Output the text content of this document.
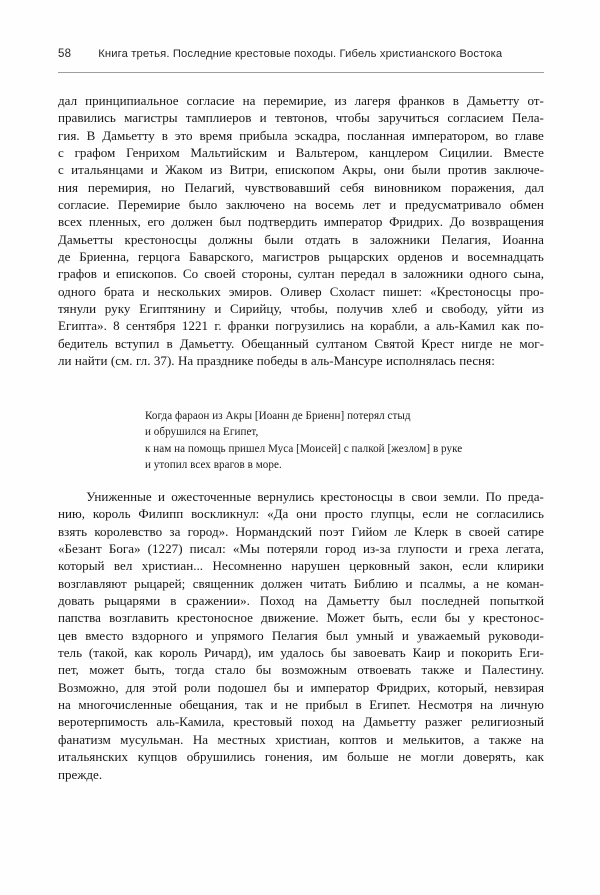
58 Книга третья. Последние крестовые походы. Гибель христианского Востока

дал принципиальное согласие на перемирие, из лагеря франков в Дамьетту от-
правились магистры тамплиеров и тевтонов, чтобы заручиться согласием Пела-
гия. В Дамьетту в это время прибыла эскадра, посланная императором, во главе
с графом Генрихом Мальтийским и Вальтером, канцлером Сицилии. Вместе
с итальянцами и Жаком из Витри, епископом Акры, они были против заключе-
ния перемирия, но Пелагий, чувствовавший себя виновником поражения, дал
согласие. Перемирие было заключено на восемь лет и предусматривало обмен
всех пленных, его должен был подтвердить император Фридрих. До возвращения
Дамьетты крестоносцы должны были отдать в заложники Пелагия, Иоанна
де Бриенна, герцога Баварского, магистров рыцарских орденов и восемнадцать
графов и епископов. Со своей стороны, султан передал в заложники одного сына,
одного брата и нескольких эмиров. Оливер Схоласт пишет: «Крестоносцы про-
тянули руку Египтянину и Сирийцу, чтобы, получив хлеб и свободу, уйти из
Египта». 8 сентября 1221 г. франки погрузились на корабли, а аль-Камил как по-
бедитель вступил в Дамьетту. Обещанный султаном Святой Крест нигде не мог-
ли найти (см. гл. 37). На празднике победы в аль-Мансуре исполнялась песня:

Когда фараон из Акры [Иоанн де Бриенн] потерял стыд
и обрушился на Египет,
к нам на помощь пришел Муса [Моисей] с палкой [жезлом] в руке
и утопил всех врагов в море.

Униженные и ожесточенные вернулись крестоносцы в свои земли. По преда-
нию, король Филипп воскликнул: «Да они просто глупцы, если не согласились
взять королевство за город». Нормандский поэт Гийом ле Клерк в своей сатире
«Безант Бога» (1227) писал: «Мы потеряли город из-за глупости и греха легата,
который вел христиан... Несомненно нарушен церковный закон, если клирики
возглавляют рыцарей; священник должен читать Библию и псалмы, а не коман-
довать рыцарями в сражении». Поход на Дамьетту был последней попыткой
папства возглавить крестоносное движение. Может быть, если бы у крестонос-
цев вместо вздорного и упрямого Пелагия был умный и уважаемый руководи-
тель (такой, как король Ричард), им удалось бы завоевать Каир и покорить Еги-
пет, может быть, тогда стало бы возможным отвоевать также и Палестину.
Возможно, для этой роли подошел бы и император Фридрих, который, невзирая
на многочисленные обещания, так и не прибыл в Египет. Несмотря на личную
веротерпимость аль-Камила, крестовый поход на Дамьетту разжег религиозный
фанатизм мусульман. На местных христиан, коптов и мелькитов, а также на
итальянских купцов обрушились гонения, им больше не могли доверять, как
прежде.
